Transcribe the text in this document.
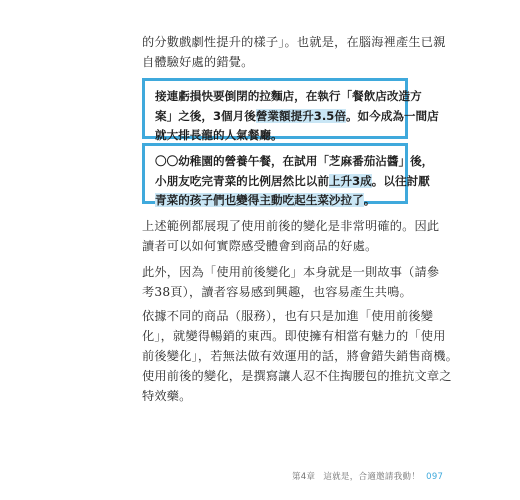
的分數戲劇性提升的樣子」。也就是，在腦海裡產生已親
自體驗好處的錯覺。
接連虧損快要倒閉的拉麵店，在執行「餐飲店改造方
案」之後，3個月後營業額提升3.5倍。如今成為一間店
就大排長龍的人氣餐廳。
〇〇幼稚園的營養午餐，在試用「芝麻番茄沾醬」後，
小朋友吃完青菜的比例居然比以前上升3成。以往討厭
青菜的孩子們也變得主動吃起生菜沙拉了。
上述範例都展現了使用前後的變化是非常明確的。因此
讀者可以如何實際感受體會到商品的好處。
此外，因為「使用前後變化」本身就是一則故事（請參
考38頁），讀者容易感到興趣，也容易產生共鳴。
依據不同的商品（服務），也有只是加進「使用前後變
化」，就變得暢銷的東西。即使擁有相當有魅力的「使用
前後變化」，若無法做有效運用的話，將會錯失銷售商機。
使用前後的變化，是撰寫讓人忍不住掏腰包的推抗文章之
特效藥。
第4章 這就是，合適邀請我動！ 097
